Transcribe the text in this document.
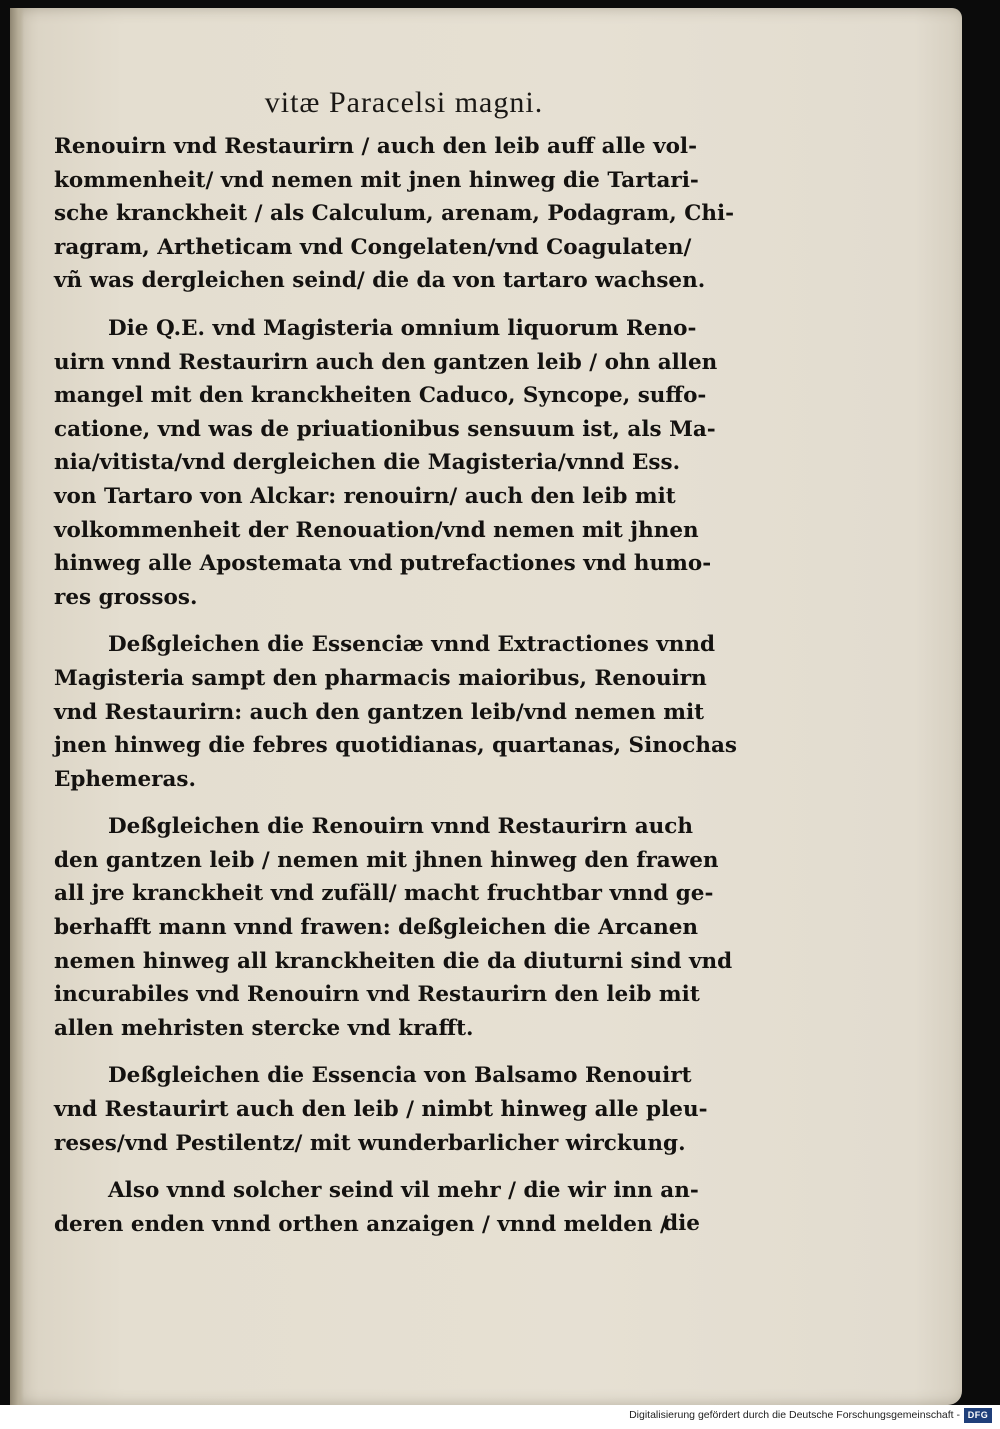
vitæ Paracelsi magni.
Renouirn vnd Restaurirn / auch den leib auff alle vol-
kommenheit/ vnd nemen mit jnen hinweg die Tartari-
sche kranckheit / als Calculum, arenam, Podagram, Chi-
ragram, Artheticam vnd Congelaten/vnd Coagulaten/
vñ was dergleichen seind/ die da von tartaro wachsen.
Die Q.E. vnd Magisteria omnium liquorum Reno-
uirn vnnd Restaurirn auch den gantzen leib / ohn allen
mangel mit den kranckheiten Caduco, Syncope, suffo-
catione, vnd was de priuationibus sensuum ist, als Ma-
nia/vitista/vnd dergleichen die Magisteria/vnnd Ess.
von Tartaro von Alckar: renouirn/ auch den leib mit
volkommenheit der Renouation/vnd nemen mit jhnen
hinweg alle Apostemata vnd putrefactiones vnd humo-
res grossos.
Deßgleichen die Essenciæ vnnd Extractiones vnnd
Magisteria sampt den pharmacis maioribus, Renouirn
vnd Restaurirn: auch den gantzen leib/vnd nemen mit
jnen hinweg die febres quotidianas, quartanas, Sinochas
Ephemeras.
Deßgleichen die Renouirn vnnd Restaurirn auch
den gantzen leib / nemen mit jhnen hinweg den frawen
all jre kranckheit vnd zufäll/ macht fruchtbar vnnd ge-
berhafft mann vnnd frawen: deßgleichen die Arcanen
nemen hinweg all kranckheiten die da diuturni sind vnd
incurabiles vnd Renouirn vnd Restaurirn den leib mit
allen mehristen stercke vnd krafft.
Deßgleichen die Essencia von Balsamo Renouirt
vnd Restaurirt auch den leib / nimbt hinweg alle pleu-
reses/vnd Pestilentz/ mit wunderbarlicher wirckung.
Also vnnd solcher seind vil mehr / die wir inn an-
deren enden vnnd orthen anzaigen / vnnd melden /
die
Digitalisierung gefördert durch die Deutsche Forschungsgemeinschaft - DFG
